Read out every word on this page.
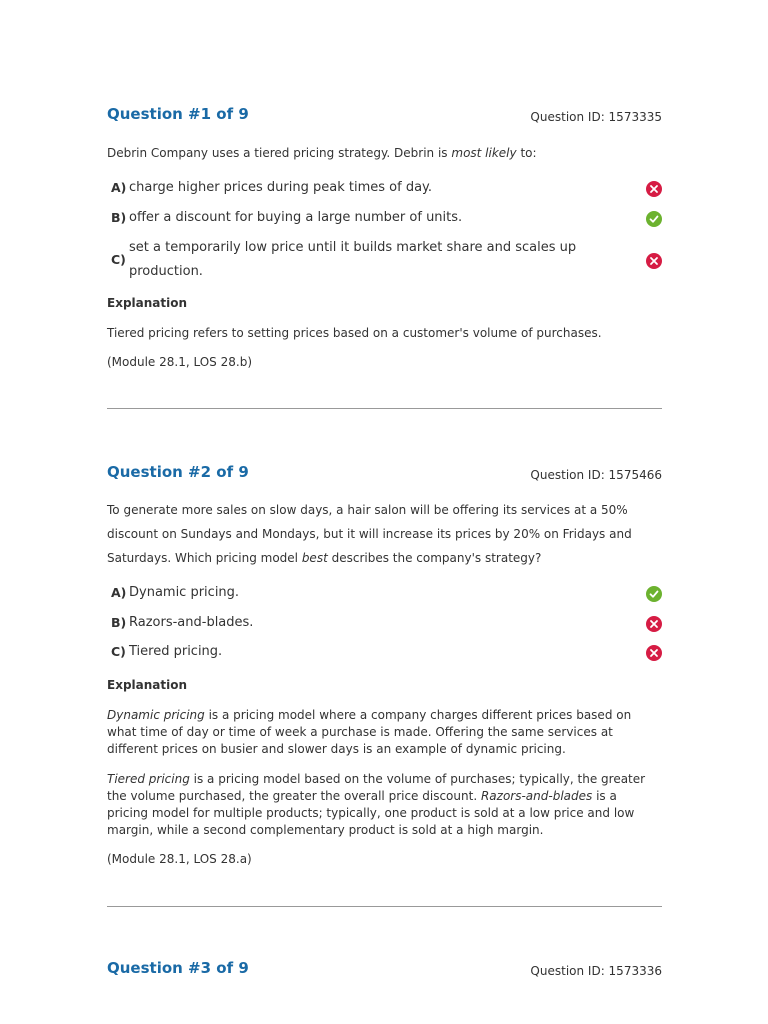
Question #1 of 9	Question ID: 1573335
Debrin Company uses a tiered pricing strategy. Debrin is most likely to:
A) charge higher prices during peak times of day.
B) offer a discount for buying a large number of units.
C)
set a temporarily low price until it builds market share and scales up
production.
Explanation
Tiered pricing refers to setting prices based on a customer's volume of purchases.
(Module 28.1, LOS 28.b)
Question #2 of 9	Question ID: 1575466
To generate more sales on slow days, a hair salon will be offering its services at a 50%
discount on Sundays and Mondays, but it will increase its prices by 20% on Fridays and
Saturdays. Which pricing model best describes the company's strategy?
A) Dynamic pricing.
B) Razors-and-blades.
C) Tiered pricing.
Explanation
Dynamic pricing is a pricing model where a company charges different prices based on what time of day or time of week a purchase is made. Offering the same services at different prices on busier and slower days is an example of dynamic pricing.
Tiered pricing is a pricing model based on the volume of purchases; typically, the greater the volume purchased, the greater the overall price discount. Razors-and-blades is a pricing model for multiple products; typically, one product is sold at a low price and low margin, while a second complementary product is sold at a high margin.
(Module 28.1, LOS 28.a)
Question #3 of 9	Question ID: 1573336
